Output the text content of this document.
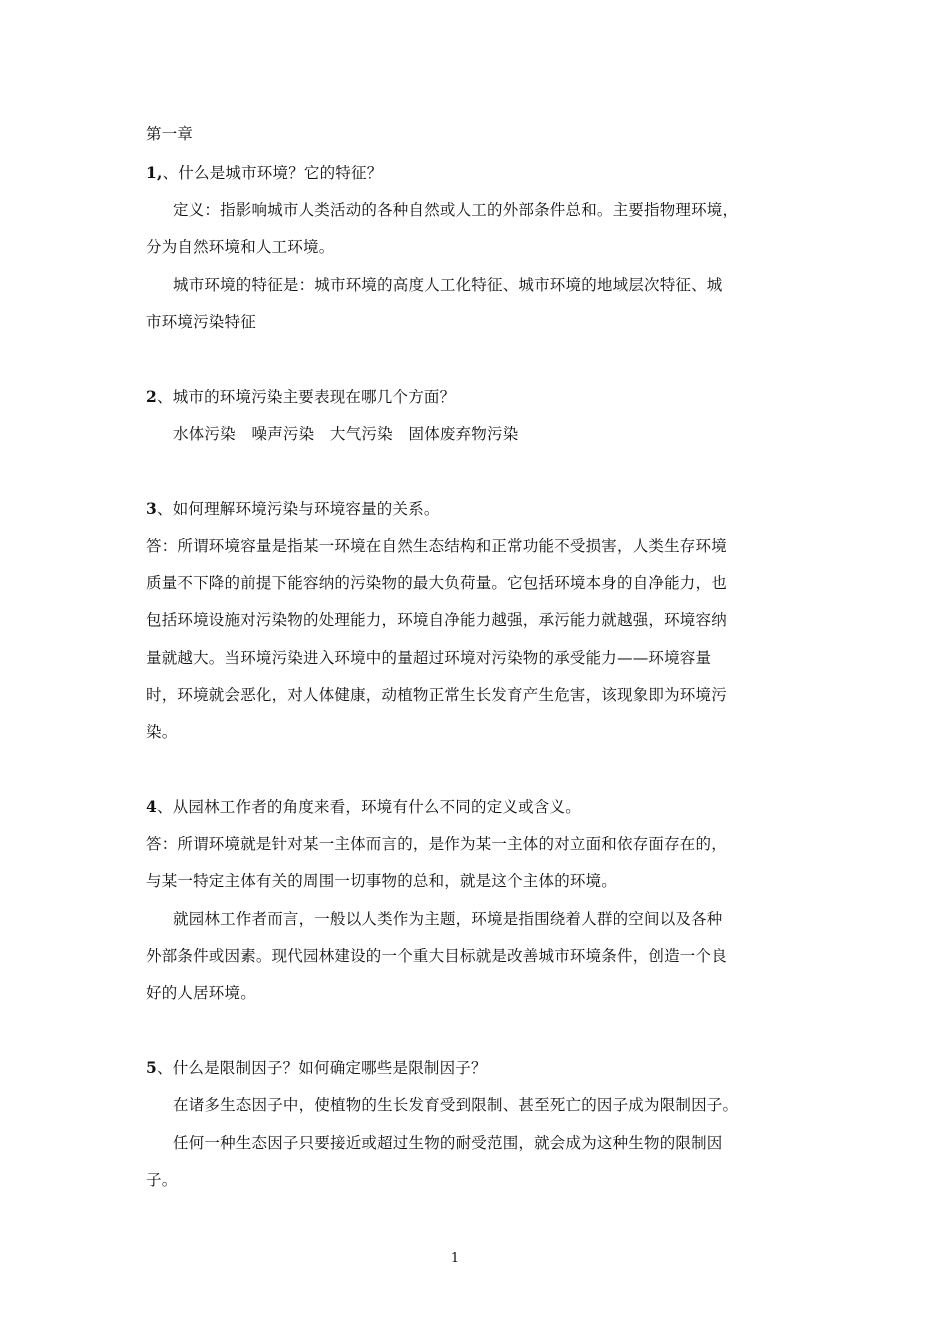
第一章
1,、什么是城市环境？它的特征？
定义：指影响城市人类活动的各种自然或人工的外部条件总和。主要指物理环境，
分为自然环境和人工环境。
城市环境的特征是：城市环境的高度人工化特征、城市环境的地域层次特征、城
市环境污染特征
2、城市的环境污染主要表现在哪几个方面？
水体污染　噪声污染　大气污染　固体废弃物污染
3、如何理解环境污染与环境容量的关系。
答：所谓环境容量是指某一环境在自然生态结构和正常功能不受损害，人类生存环境
质量不下降的前提下能容纳的污染物的最大负荷量。它包括环境本身的自净能力，也
包括环境设施对污染物的处理能力，环境自净能力越强，承污能力就越强，环境容纳
量就越大。当环境污染进入环境中的量超过环境对污染物的承受能力——环境容量
时，环境就会恶化，对人体健康，动植物正常生长发育产生危害，该现象即为环境污
染。
4、从园林工作者的角度来看，环境有什么不同的定义或含义。
答：所谓环境就是针对某一主体而言的，是作为某一主体的对立面和依存面存在的，
与某一特定主体有关的周围一切事物的总和，就是这个主体的环境。
就园林工作者而言，一般以人类作为主题，环境是指围绕着人群的空间以及各种
外部条件或因素。现代园林建设的一个重大目标就是改善城市环境条件，创造一个良
好的人居环境。
5、什么是限制因子？如何确定哪些是限制因子？
在诸多生态因子中，使植物的生长发育受到限制、甚至死亡的因子成为限制因子。
任何一种生态因子只要接近或超过生物的耐受范围，就会成为这种生物的限制因
子。
1
